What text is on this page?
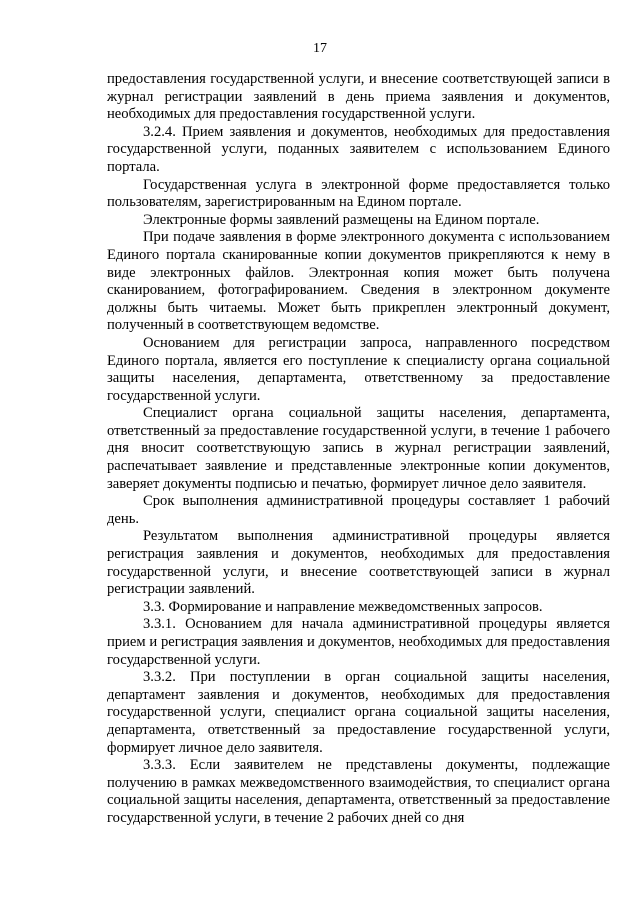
17

предоставления государственной услуги, и внесение соответствующей записи в журнал регистрации заявлений в день приема заявления и документов, необходимых для предоставления государственной услуги.

3.2.4. Прием заявления и документов, необходимых для предоставления государственной услуги, поданных заявителем с использованием Единого портала.

Государственная услуга в электронной форме предоставляется только пользователям, зарегистрированным на Едином портале.

Электронные формы заявлений размещены на Едином портале.

При подаче заявления в форме электронного документа с использованием Единого портала сканированные копии документов прикрепляются к нему в виде электронных файлов. Электронная копия может быть получена сканированием, фотографированием. Сведения в электронном документе должны быть читаемы. Может быть прикреплен электронный документ, полученный в соответствующем ведомстве.

Основанием для регистрации запроса, направленного посредством Единого портала, является его поступление к специалисту органа социальной защиты населения, департамента, ответственному за предоставление государственной услуги.

Специалист органа социальной защиты населения, департамента, ответственный за предоставление государственной услуги, в течение 1 рабочего дня вносит соответствующую запись в журнал регистрации заявлений, распечатывает заявление и представленные электронные копии документов, заверяет документы подписью и печатью, формирует личное дело заявителя.

Срок выполнения административной процедуры составляет 1 рабочий день.

Результатом выполнения административной процедуры является регистрация заявления и документов, необходимых для предоставления государственной услуги, и внесение соответствующей записи в журнал регистрации заявлений.

3.3. Формирование и направление межведомственных запросов.

3.3.1. Основанием для начала административной процедуры является прием и регистрация заявления и документов, необходимых для предоставления государственной услуги.

3.3.2. При поступлении в орган социальной защиты населения, департамент заявления и документов, необходимых для предоставления государственной услуги, специалист органа социальной защиты населения, департамента, ответственный за предоставление государственной услуги, формирует личное дело заявителя.

3.3.3. Если заявителем не представлены документы, подлежащие получению в рамках межведомственного взаимодействия, то специалист органа социальной защиты населения, департамента, ответственный за предоставление государственной услуги, в течение 2 рабочих дней со дня
